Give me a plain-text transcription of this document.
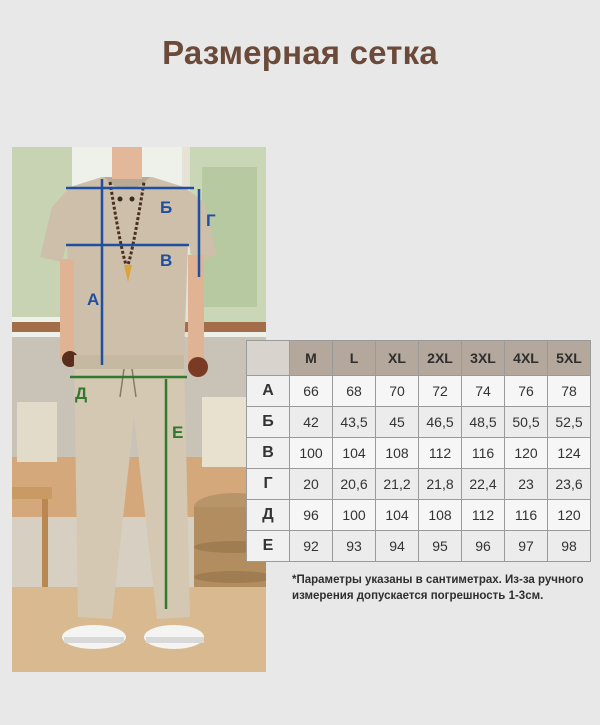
Размерная сетка
А
Б
В
Г
Д
Е
	M	L	XL	2XL	3XL	4XL	5XL
А	66	68	70	72	74	76	78
Б	42	43,5	45	46,5	48,5	50,5	52,5
В	100	104	108	112	116	120	124
Г	20	20,6	21,2	21,8	22,4	23	23,6
Д	96	100	104	108	112	116	120
Е	92	93	94	95	96	97	98
*Параметры указаны в сантиметрах. Из-за ручного измерения допускается погрешность 1-3см.
